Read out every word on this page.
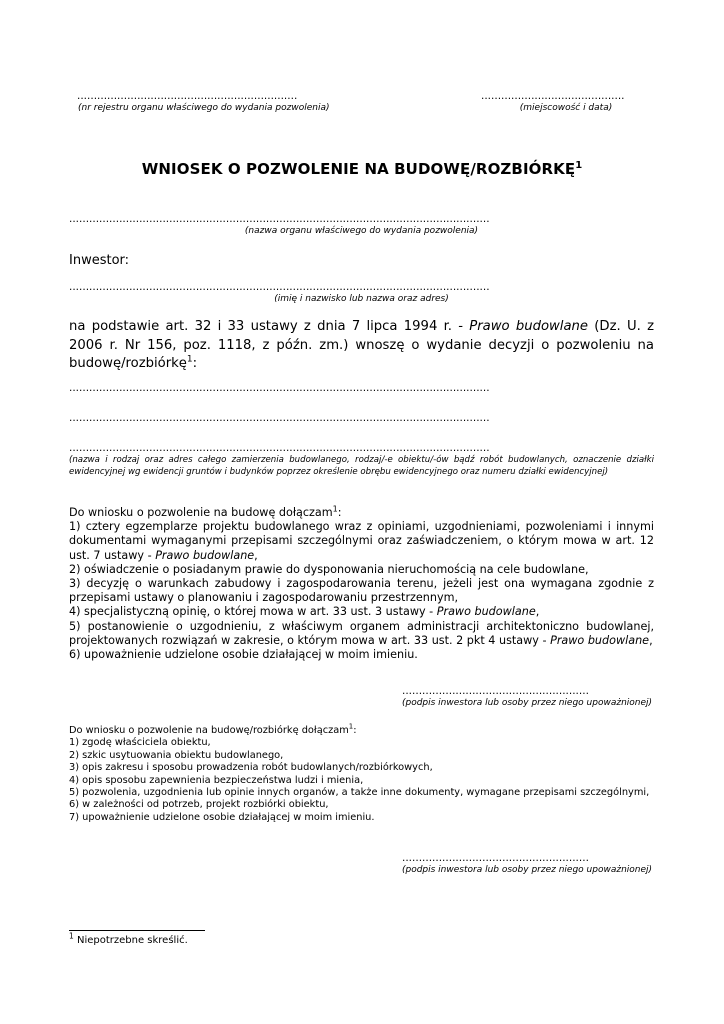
..................................................................
(nr rejestru organu właściwego do wydania pozwolenia)
...........................................
(miejscowość i data)
WNIOSEK O POZWOLENIE NA BUDOWĘ/ROZBIÓRKĘ$^1$
..............................................................................................................................
(nazwa organu właściwego do wydania pozwolenia)
Inwestor:
..............................................................................................................................
(imię i nazwisko lub nazwa oraz adres)
na podstawie art. 32 i 33 ustawy z dnia 7 lipca 1994 r. - Prawo budowlane (Dz. U. z 2006 r. Nr 156, poz. 1118, z późn. zm.) wnoszę o wydanie decyzji o pozwoleniu na budowę/rozbiórkę$^1$:
..............................................................................................................................
..............................................................................................................................
..............................................................................................................................
(nazwa i rodzaj oraz adres całego zamierzenia budowlanego, rodzaj/-e obiektu/-ów bądź robót budowlanych, oznaczenie działki ewidencyjnej wg ewidencji gruntów i budynków poprzez określenie obrębu ewidencyjnego oraz numeru działki ewidencyjnej)
Do wniosku o pozwolenie na budowę dołączam$^1$:
1) cztery egzemplarze projektu budowlanego wraz z opiniami, uzgodnieniami, pozwoleniami i innymi dokumentami wymaganymi przepisami szczególnymi oraz zaświadczeniem, o którym mowa w art. 12 ust. 7 ustawy - Prawo budowlane,
2) oświadczenie o posiadanym prawie do dysponowania nieruchomością na cele budowlane,
3) decyzję o warunkach zabudowy i zagospodarowania terenu, jeżeli jest ona wymagana zgodnie z przepisami ustawy o planowaniu i zagospodarowaniu przestrzennym,
4) specjalistyczną opinię, o której mowa w art. 33 ust. 3 ustawy - Prawo budowlane,
5) postanowienie o uzgodnieniu, z właściwym organem administracji architektoniczno budowlanej, projektowanych rozwiązań w zakresie, o którym mowa w art. 33 ust. 2 pkt 4 ustawy - Prawo budowlane,
6) upoważnienie udzielone osobie działającej w moim imieniu.
........................................................
(podpis inwestora lub osoby przez niego upoważnionej)
Do wniosku o pozwolenie na budowę/rozbiórkę dołączam$^1$:
1) zgodę właściciela obiektu,
2) szkic usytuowania obiektu budowlanego,
3) opis zakresu i sposobu prowadzenia robót budowlanych/rozbiórkowych,
4) opis sposobu zapewnienia bezpieczeństwa ludzi i mienia,
5) pozwolenia, uzgodnienia lub opinie innych organów, a także inne dokumenty, wymagane przepisami szczególnymi,
6) w zależności od potrzeb, projekt rozbiórki obiektu,
7) upoważnienie udzielone osobie działającej w moim imieniu.
........................................................
(podpis inwestora lub osoby przez niego upoważnionej)
$^1$ Niepotrzebne skreślić.
